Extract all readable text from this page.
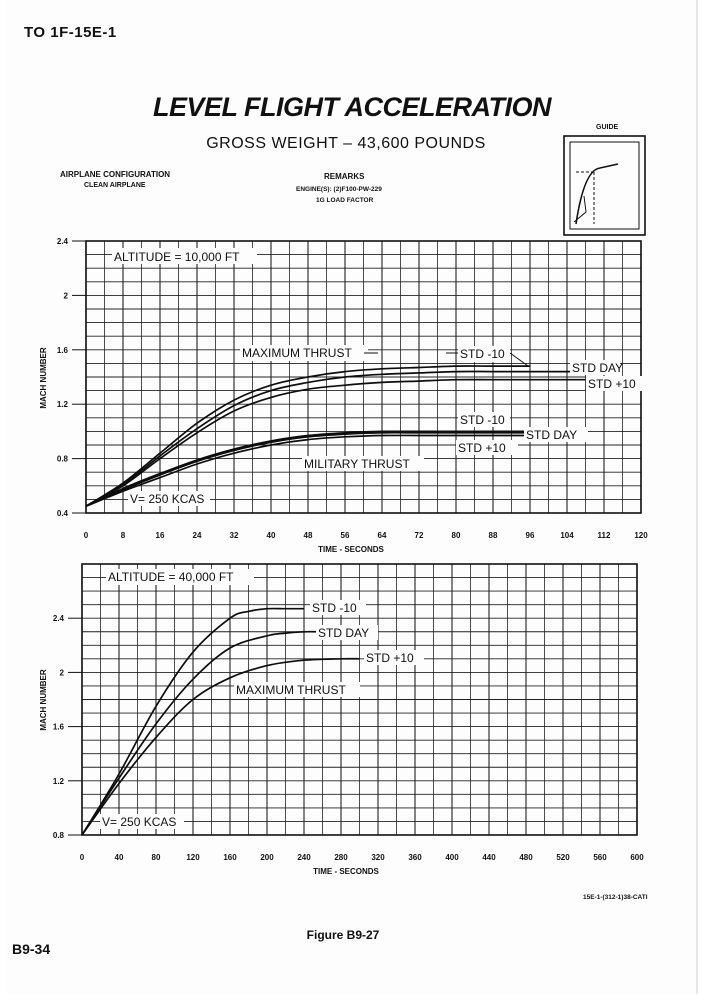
TO 1F-15E-1
LEVEL FLIGHT ACCELERATION
GROSS WEIGHT – 43,600 POUNDS
AIRPLANE CONFIGURATION
CLEAN AIRPLANE
REMARKS
ENGINE(S): (2)F100-PW-229
1G LOAD FACTOR
GUIDE
15E-1-(312-1)38-CATI
Figure B9-27
B9-34
0	8	16	24	32	40	48	56	64	72	80	88	96	104	112	120
0.4
0.8
1.2
1.6
2
2.4
TIME - SECONDS
MACH NUMBER
ALTITUDE = 10,000 FT
MAXIMUM THRUST	STD -10
STD DAY
STD +10
STD -10
STD DAY
STD +10
MILITARY THRUST
V= 250 KCAS
0	40	80	120	160	200	240	280	320	360	400	440	480	520	560	600
0.8
1.2
1.6
2
2.4
TIME - SECONDS
MACH NUMBER
ALTITUDE = 40,000 FT
STD -10
STD DAY
STD +10
MAXIMUM THRUST
V= 250 KCAS
